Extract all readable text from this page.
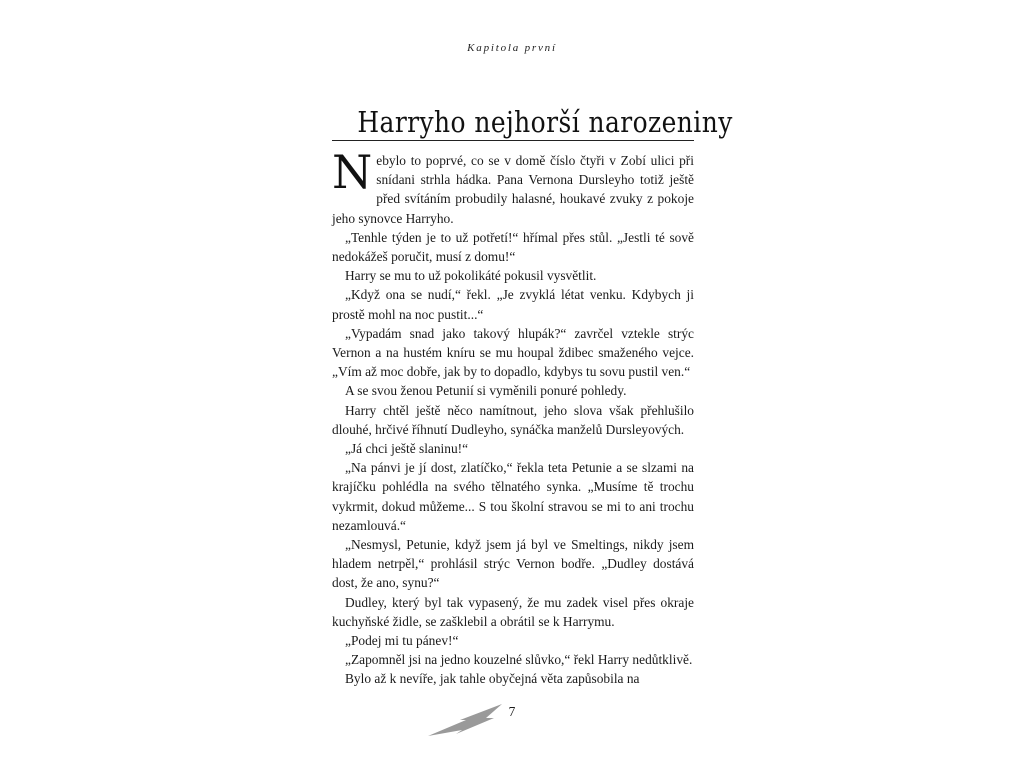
Kapitola první
Harryho nejhorší narozeniny

Nebylo to poprvé, co se v domě číslo čtyři v Zobí ulici při snídani strhla hádka. Pana Vernona Dursleyho totiž ještě před svítáním probudily halasné, houkavé zvuky z pokoje jeho synovce Harryho.

„Tenhle týden je to už potřetí!“ hřímal přes stůl. „Jestli té sově nedokážeš poručit, musí z domu!“

Harry se mu to už pokolikáté pokusil vysvětlit.

„Když ona se nudí,“ řekl. „Je zvyklá létat venku. Kdybych ji prostě mohl na noc pustit...“

„Vypadám snad jako takový hlupák?“ zavrčel vztekle strýc Vernon a na hustém kníru se mu houpal ždibec smaženého vejce. „Vím až moc dobře, jak by to dopadlo, kdybys tu sovu pustil ven.“

A se svou ženou Petunií si vyměnili ponuré pohledy.

Harry chtěl ještě něco namítnout, jeho slova však přehlušilo dlouhé, hrčivé říhnutí Dudleyho, synáčka manželů Dursleyových.

„Já chci ještě slaninu!“

„Na pánvi je jí dost, zlatíčko,“ řekla teta Petunie a se slzami na krajíčku pohlédla na svého tělnatého synka. „Musíme tě trochu vykrmit, dokud můžeme... S tou školní stravou se mi to ani trochu nezamlouvá.“

„Nesmysl, Petunie, když jsem já byl ve Smeltings, nikdy jsem hladem netrpěl,“ prohlásil strýc Vernon bodře. „Dudley dostává dost, že ano, synu?“

Dudley, který byl tak vypasený, že mu zadek visel přes okraje kuchyňské židle, se zašklebil a obrátil se k Harrymu.

„Podej mi tu pánev!“

„Zapomněl jsi na jedno kouzelné slůvko,“ řekl Harry nedůtklivě.

Bylo až k nevíře, jak tahle obyčejná věta zapůsobila na

7
